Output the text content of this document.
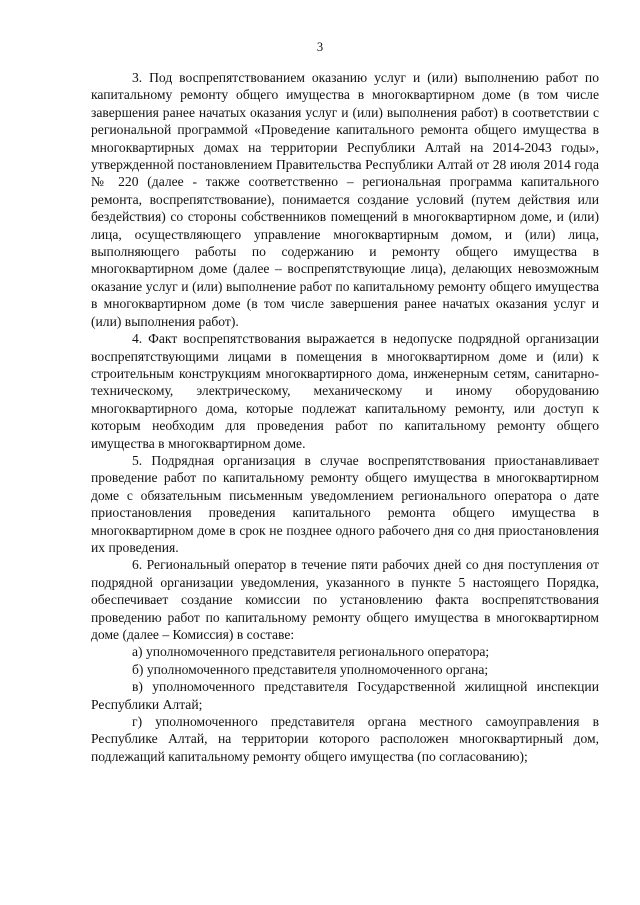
3

3. Под воспрепятствованием оказанию услуг и (или) выполнению работ по капитальному ремонту общего имущества в многоквартирном доме (в том числе завершения ранее начатых оказания услуг и (или) выполнения работ) в соответствии с региональной программой «Проведение капитального ремонта общего имущества в многоквартирных домах на территории Республики Алтай на 2014-2043 годы», утвержденной постановлением Правительства Республики Алтай от 28 июля 2014 года № 220 (далее - также соответственно – региональная программа капитального ремонта, воспрепятствование), понимается создание условий (путем действия или бездействия) со стороны собственников помещений в многоквартирном доме, и (или) лица, осуществляющего управление многоквартирным домом, и (или) лица, выполняющего работы по содержанию и ремонту общего имущества в многоквартирном доме (далее – воспрепятствующие лица), делающих невозможным оказание услуг и (или) выполнение работ по капитальному ремонту общего имущества в многоквартирном доме (в том числе завершения ранее начатых оказания услуг и (или) выполнения работ).

4. Факт воспрепятствования выражается в недопуске подрядной организации воспрепятствующими лицами в помещения в многоквартирном доме и (или) к строительным конструкциям многоквартирного дома, инженерным сетям, санитарно-техническому, электрическому, механическому и иному оборудованию многоквартирного дома, которые подлежат капитальному ремонту, или доступ к которым необходим для проведения работ по капитальному ремонту общего имущества в многоквартирном доме.

5. Подрядная организация в случае воспрепятствования приостанавливает проведение работ по капитальному ремонту общего имущества в многоквартирном доме с обязательным письменным уведомлением регионального оператора о дате приостановления проведения капитального ремонта общего имущества в многоквартирном доме в срок не позднее одного рабочего дня со дня приостановления их проведения.

6. Региональный оператор в течение пяти рабочих дней со дня поступления от подрядной организации уведомления, указанного в пункте 5 настоящего Порядка, обеспечивает создание комиссии по установлению факта воспрепятствования проведению работ по капитальному ремонту общего имущества в многоквартирном доме (далее – Комиссия) в составе:

а) уполномоченного представителя регионального оператора;

б) уполномоченного представителя уполномоченного органа;

в) уполномоченного представителя Государственной жилищной инспекции Республики Алтай;

г) уполномоченного представителя органа местного самоуправления в Республике Алтай, на территории которого расположен многоквартирный дом, подлежащий капитальному ремонту общего имущества (по согласованию);
